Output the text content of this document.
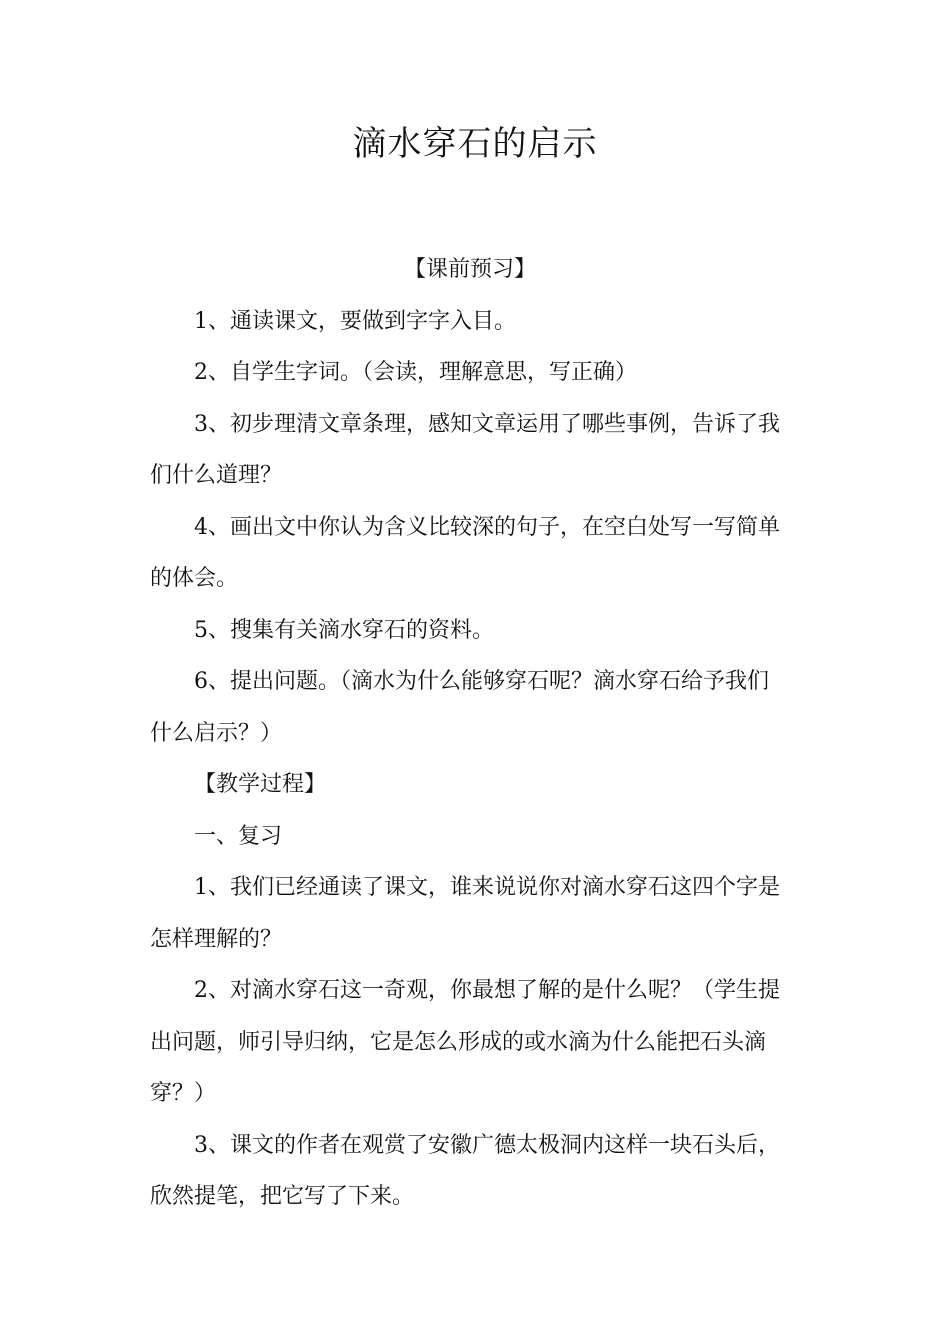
滴水穿石的启示

【课前预习】

1、通读课文，要做到字字入目。

2、自学生字词。（会读，理解意思，写正确）

3、初步理清文章条理，感知文章运用了哪些事例，告诉了我们什么道理？

4、画出文中你认为含义比较深的句子，在空白处写一写简单的体会。

5、搜集有关滴水穿石的资料。

6、提出问题。（滴水为什么能够穿石呢？滴水穿石给予我们什么启示？）

【教学过程】

一、复习

1、我们已经通读了课文，谁来说说你对滴水穿石这四个字是怎样理解的？

2、对滴水穿石这一奇观，你最想了解的是什么呢？（学生提出问题，师引导归纳，它是怎么形成的或水滴为什么能把石头滴穿？）

3、课文的作者在观赏了安徽广德太极洞内这样一块石头后，欣然提笔，把它写了下来。
